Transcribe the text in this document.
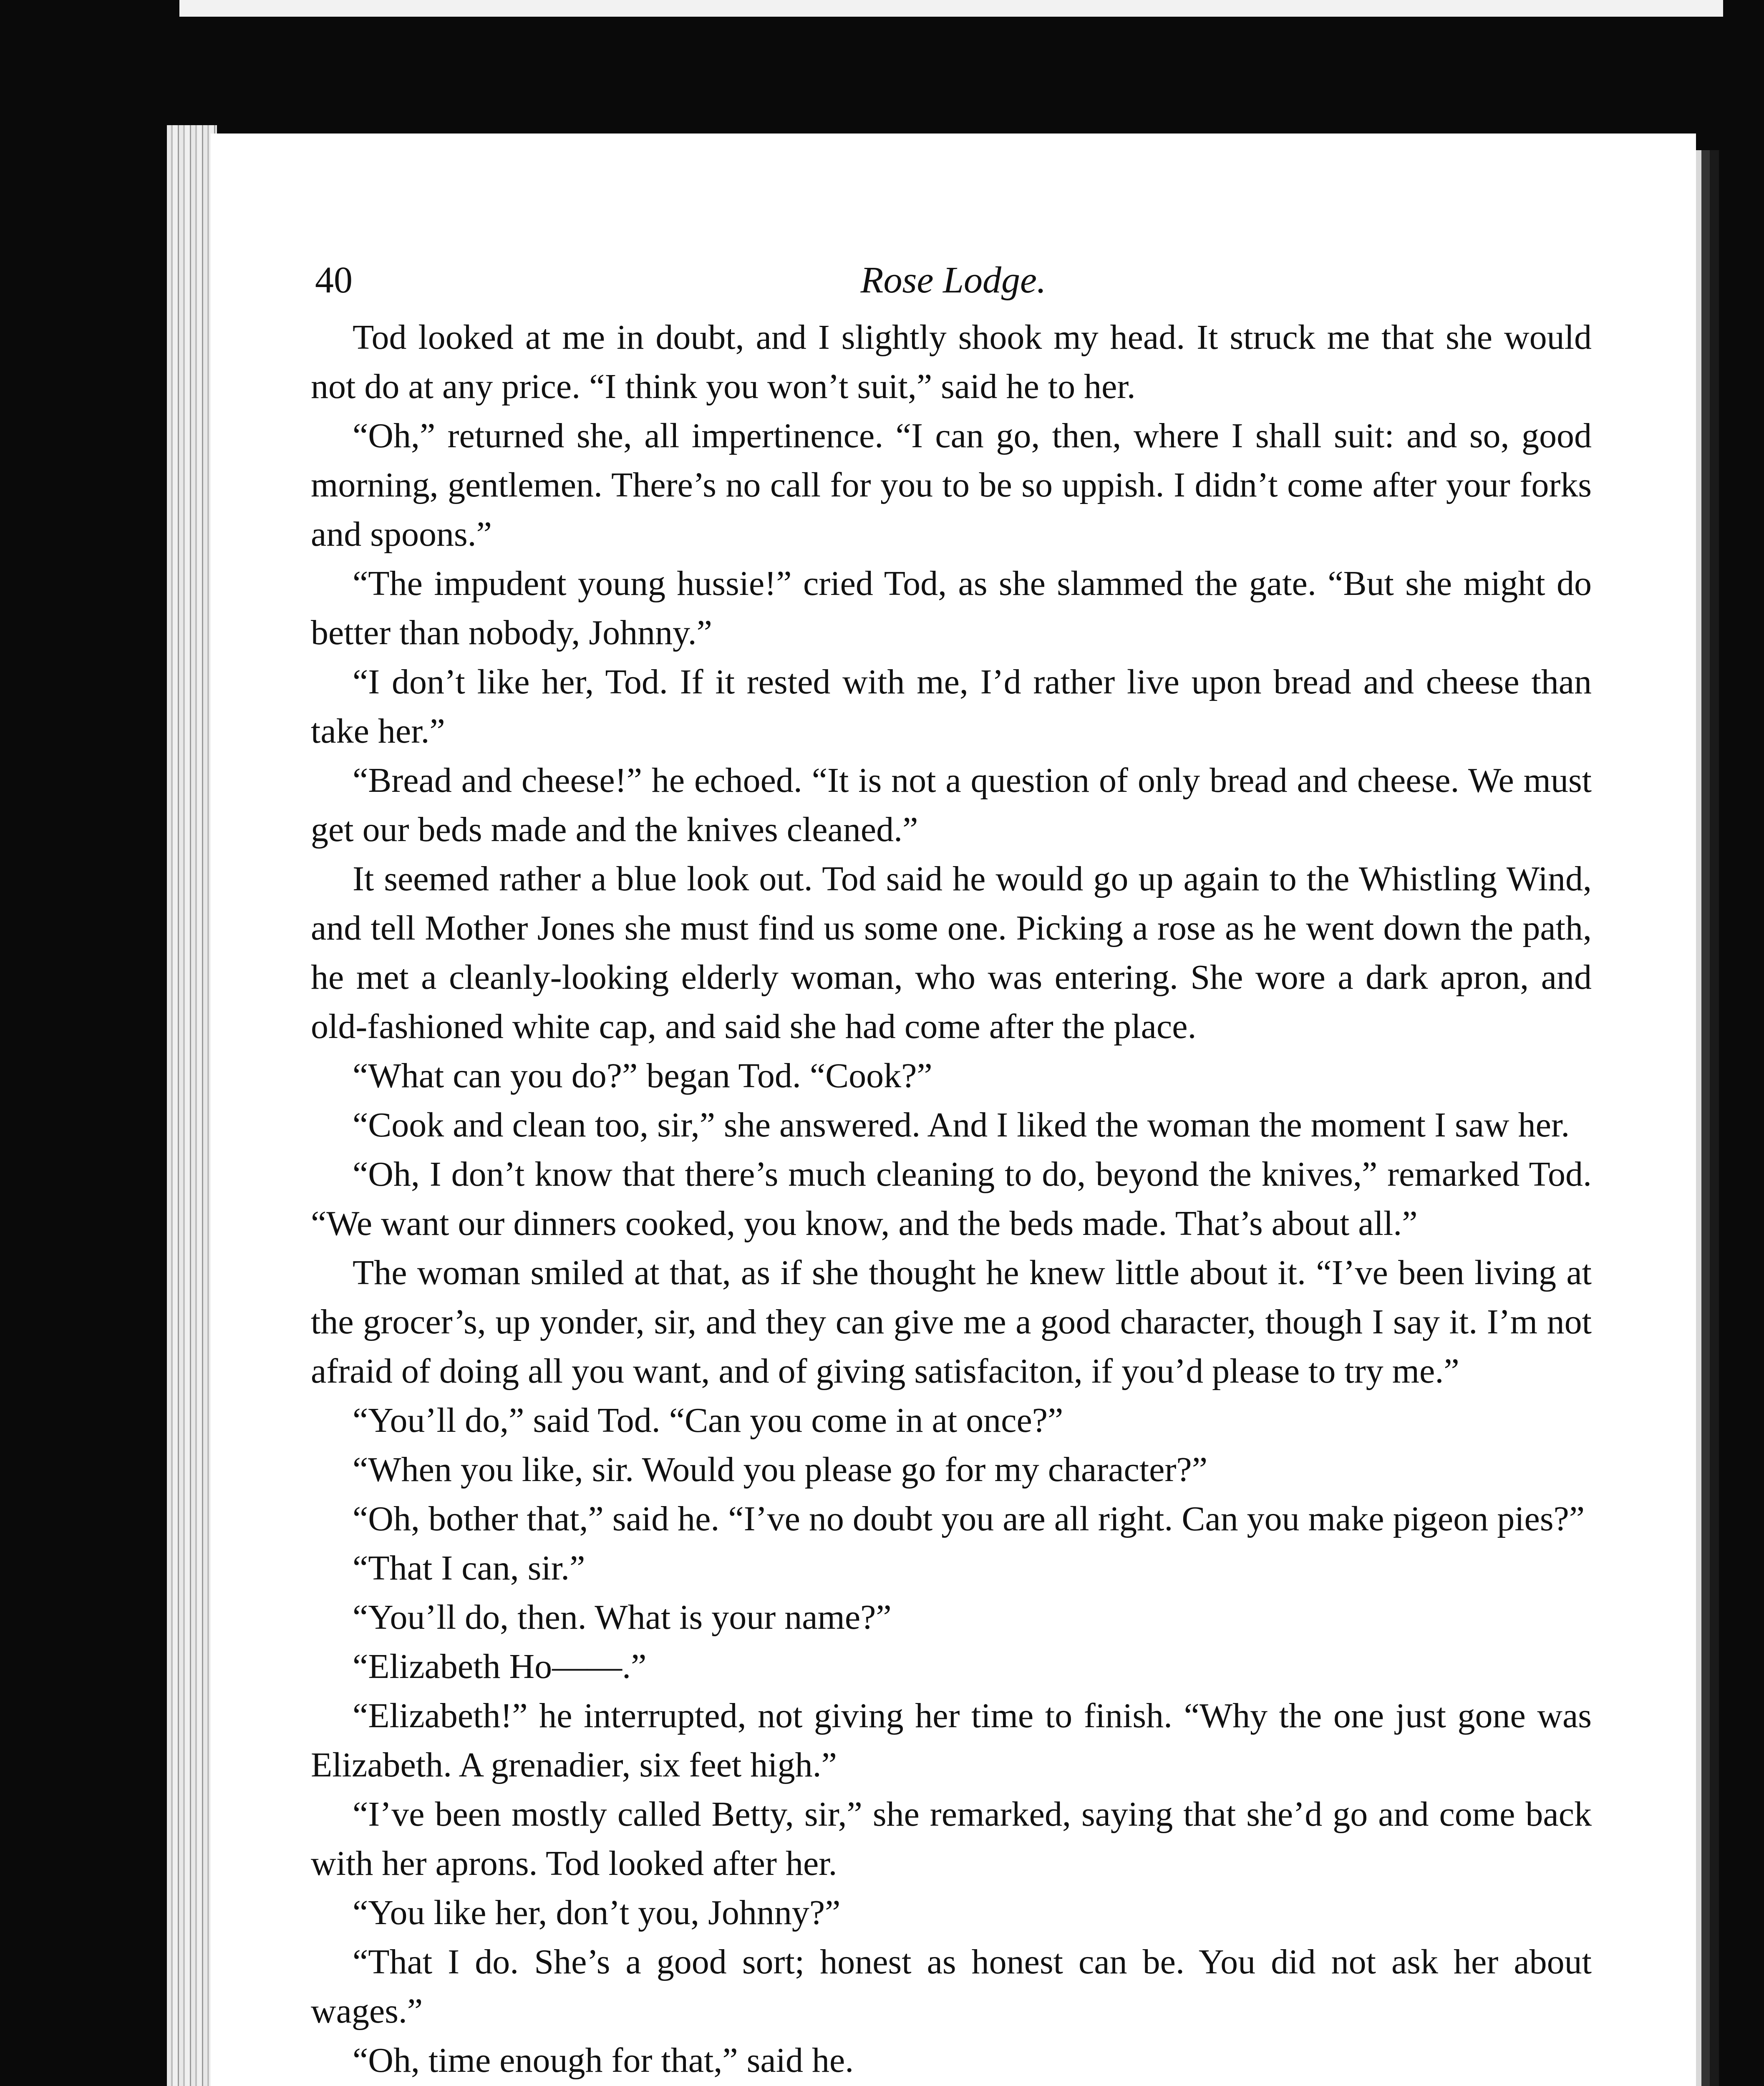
40	Rose Lodge.

Tod looked at me in doubt, and I slightly shook my head. It struck me that she would not do at any price. “I think you won’t suit,” said he to her.

“Oh,” returned she, all impertinence. “I can go, then, where I shall suit: and so, good morning, gentlemen. There’s no call for you to be so uppish. I didn’t come after your forks and spoons.”

“The impudent young hussie!” cried Tod, as she slammed the gate. “But she might do better than nobody, Johnny.”

“I don’t like her, Tod. If it rested with me, I’d rather live upon bread and cheese than take her.”

“Bread and cheese!” he echoed. “It is not a question of only bread and cheese. We must get our beds made and the knives cleaned.”

It seemed rather a blue look out. Tod said he would go up again to the Whistling Wind, and tell Mother Jones she must find us some one. Picking a rose as he went down the path, he met a cleanly-looking elderly woman, who was entering. She wore a dark apron, and old-fashioned white cap, and said she had come after the place.

“What can you do?” began Tod. “Cook?”

“Cook and clean too, sir,” she answered. And I liked the woman the moment I saw her.

“Oh, I don’t know that there’s much cleaning to do, beyond the knives,” remarked Tod. “We want our dinners cooked, you know, and the beds made. That’s about all.”

The woman smiled at that, as if she thought he knew little about it. “I’ve been living at the grocer’s, up yonder, sir, and they can give me a good character, though I say it. I’m not afraid of doing all you want, and of giving satisfaciton, if you’d please to try me.”

“You’ll do,” said Tod. “Can you come in at once?”

“When you like, sir. Would you please go for my character?”

“Oh, bother that,” said he. “I’ve no doubt you are all right. Can you make pigeon pies?”

“That I can, sir.”

“You’ll do, then. What is your name?”

“Elizabeth Ho——.”

“Elizabeth!” he interrupted, not giving her time to finish. “Why the one just gone was Elizabeth. A grenadier, six feet high.”

“I’ve been mostly called Betty, sir,” she remarked, saying that she’d go and come back with her aprons. Tod looked after her.

“You like her, don’t you, Johnny?”

“That I do. She’s a good sort; honest as honest can be. You did not ask her about wages.”

“Oh, time enough for that,” said he.
